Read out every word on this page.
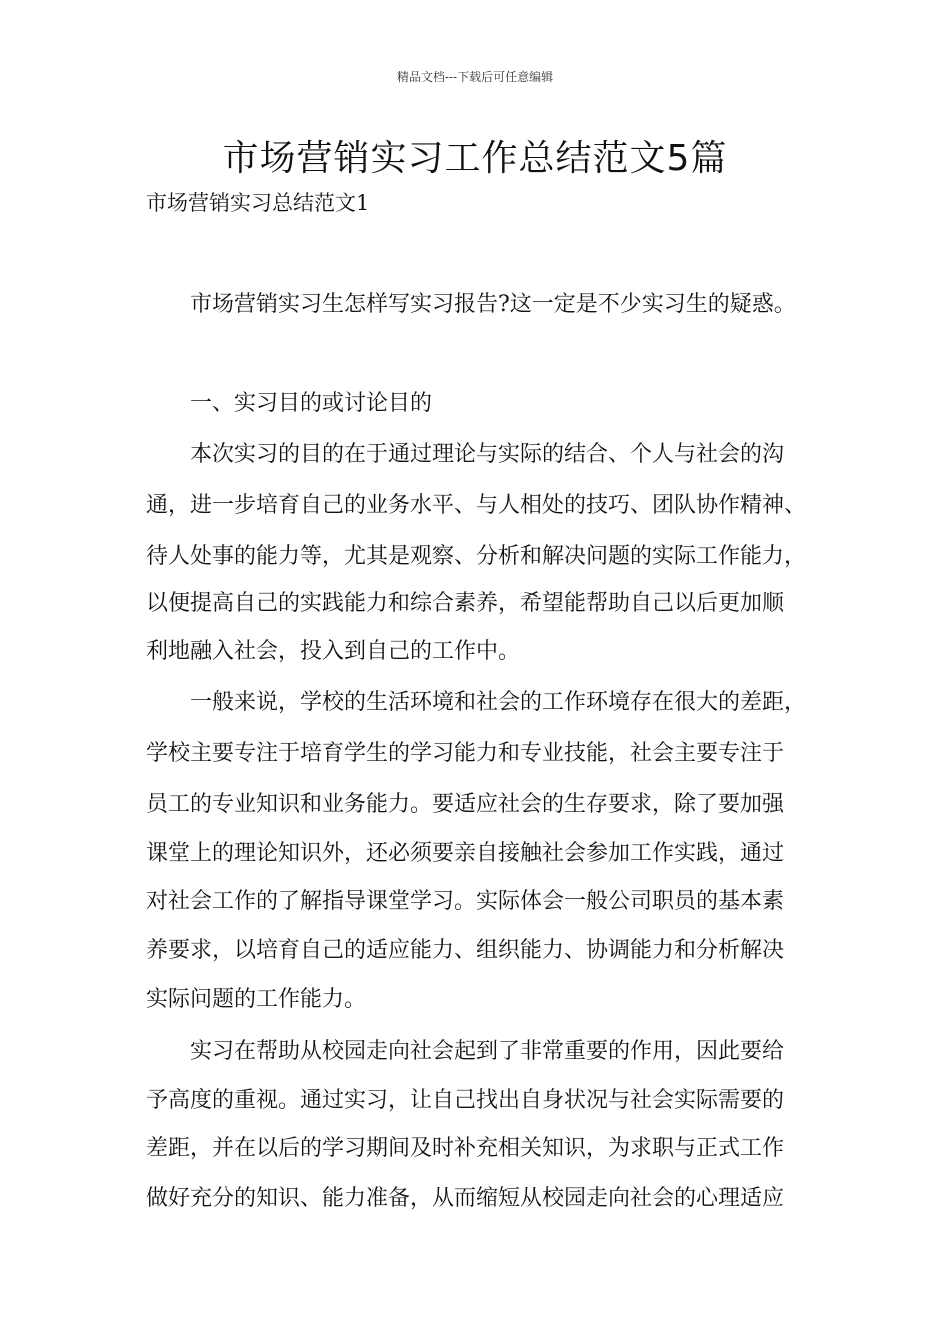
精品文档---下载后可任意编辑
市场营销实习工作总结范文5篇

市场营销实习总结范文1

市场营销实习生怎样写实习报告?这一定是不少实习生的疑惑。

一、实习目的或讨论目的

本次实习的目的在于通过理论与实际的结合、个人与社会的沟

通，进一步培育自己的业务水平、与人相处的技巧、团队协作精神、

待人处事的能力等，尤其是观察、分析和解决问题的实际工作能力，

以便提高自己的实践能力和综合素养，希望能帮助自己以后更加顺

利地融入社会，投入到自己的工作中。

一般来说，学校的生活环境和社会的工作环境存在很大的差距，

学校主要专注于培育学生的学习能力和专业技能，社会主要专注于

员工的专业知识和业务能力。要适应社会的生存要求，除了要加强

课堂上的理论知识外，还必须要亲自接触社会参加工作实践，通过

对社会工作的了解指导课堂学习。实际体会一般公司职员的基本素

养要求，以培育自己的适应能力、组织能力、协调能力和分析解决

实际问题的工作能力。

实习在帮助从校园走向社会起到了非常重要的作用，因此要给

予高度的重视。通过实习，让自己找出自身状况与社会实际需要的

差距，并在以后的学习期间及时补充相关知识，为求职与正式工作

做好充分的知识、能力准备，从而缩短从校园走向社会的心理适应
